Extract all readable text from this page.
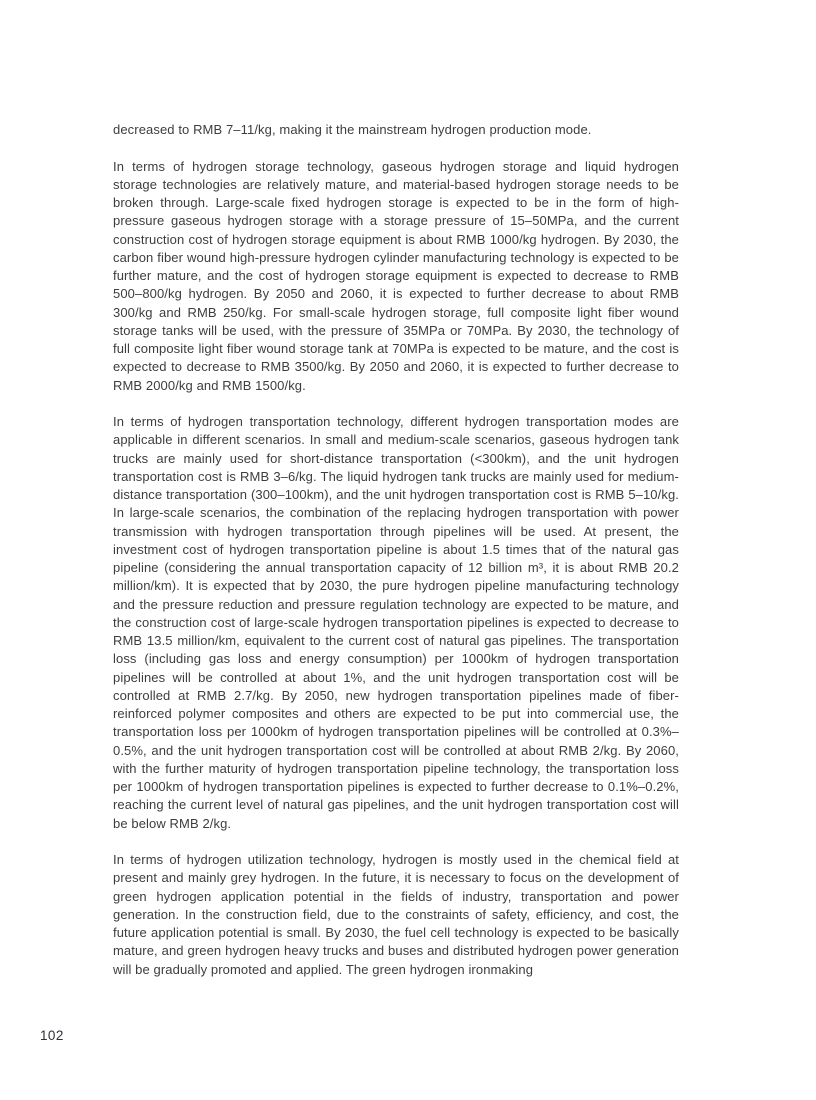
decreased to RMB 7–11/kg, making it the mainstream hydrogen production mode.

In terms of hydrogen storage technology, gaseous hydrogen storage and liquid hydrogen storage technologies are relatively mature, and material-based hydrogen storage needs to be broken through. Large-scale fixed hydrogen storage is expected to be in the form of high-pressure gaseous hydrogen storage with a storage pressure of 15–50MPa, and the current construction cost of hydrogen storage equipment is about RMB 1000/kg hydrogen. By 2030, the carbon fiber wound high-pressure hydrogen cylinder manufacturing technology is expected to be further mature, and the cost of hydrogen storage equipment is expected to decrease to RMB 500–800/kg hydrogen. By 2050 and 2060, it is expected to further decrease to about RMB 300/kg and RMB 250/kg. For small-scale hydrogen storage, full composite light fiber wound storage tanks will be used, with the pressure of 35MPa or 70MPa. By 2030, the technology of full composite light fiber wound storage tank at 70MPa is expected to be mature, and the cost is expected to decrease to RMB 3500/kg. By 2050 and 2060, it is expected to further decrease to RMB 2000/kg and RMB 1500/kg.

In terms of hydrogen transportation technology, different hydrogen transportation modes are applicable in different scenarios. In small and medium-scale scenarios, gaseous hydrogen tank trucks are mainly used for short-distance transportation (<300km), and the unit hydrogen transportation cost is RMB 3–6/kg. The liquid hydrogen tank trucks are mainly used for medium-distance transportation (300–100km), and the unit hydrogen transportation cost is RMB 5–10/kg. In large-scale scenarios, the combination of the replacing hydrogen transportation with power transmission with hydrogen transportation through pipelines will be used. At present, the investment cost of hydrogen transportation pipeline is about 1.5 times that of the natural gas pipeline (considering the annual transportation capacity of 12 billion m³, it is about RMB 20.2 million/km). It is expected that by 2030, the pure hydrogen pipeline manufacturing technology and the pressure reduction and pressure regulation technology are expected to be mature, and the construction cost of large-scale hydrogen transportation pipelines is expected to decrease to RMB 13.5 million/km, equivalent to the current cost of natural gas pipelines. The transportation loss (including gas loss and energy consumption) per 1000km of hydrogen transportation pipelines will be controlled at about 1%, and the unit hydrogen transportation cost will be controlled at RMB 2.7/kg. By 2050, new hydrogen transportation pipelines made of fiber-reinforced polymer composites and others are expected to be put into commercial use, the transportation loss per 1000km of hydrogen transportation pipelines will be controlled at 0.3%–0.5%, and the unit hydrogen transportation cost will be controlled at about RMB 2/kg. By 2060, with the further maturity of hydrogen transportation pipeline technology, the transportation loss per 1000km of hydrogen transportation pipelines is expected to further decrease to 0.1%–0.2%, reaching the current level of natural gas pipelines, and the unit hydrogen transportation cost will be below RMB 2/kg.

In terms of hydrogen utilization technology, hydrogen is mostly used in the chemical field at present and mainly grey hydrogen. In the future, it is necessary to focus on the development of green hydrogen application potential in the fields of industry, transportation and power generation. In the construction field, due to the constraints of safety, efficiency, and cost, the future application potential is small. By 2030, the fuel cell technology is expected to be basically mature, and green hydrogen heavy trucks and buses and distributed hydrogen power generation will be gradually promoted and applied. The green hydrogen ironmaking

102
